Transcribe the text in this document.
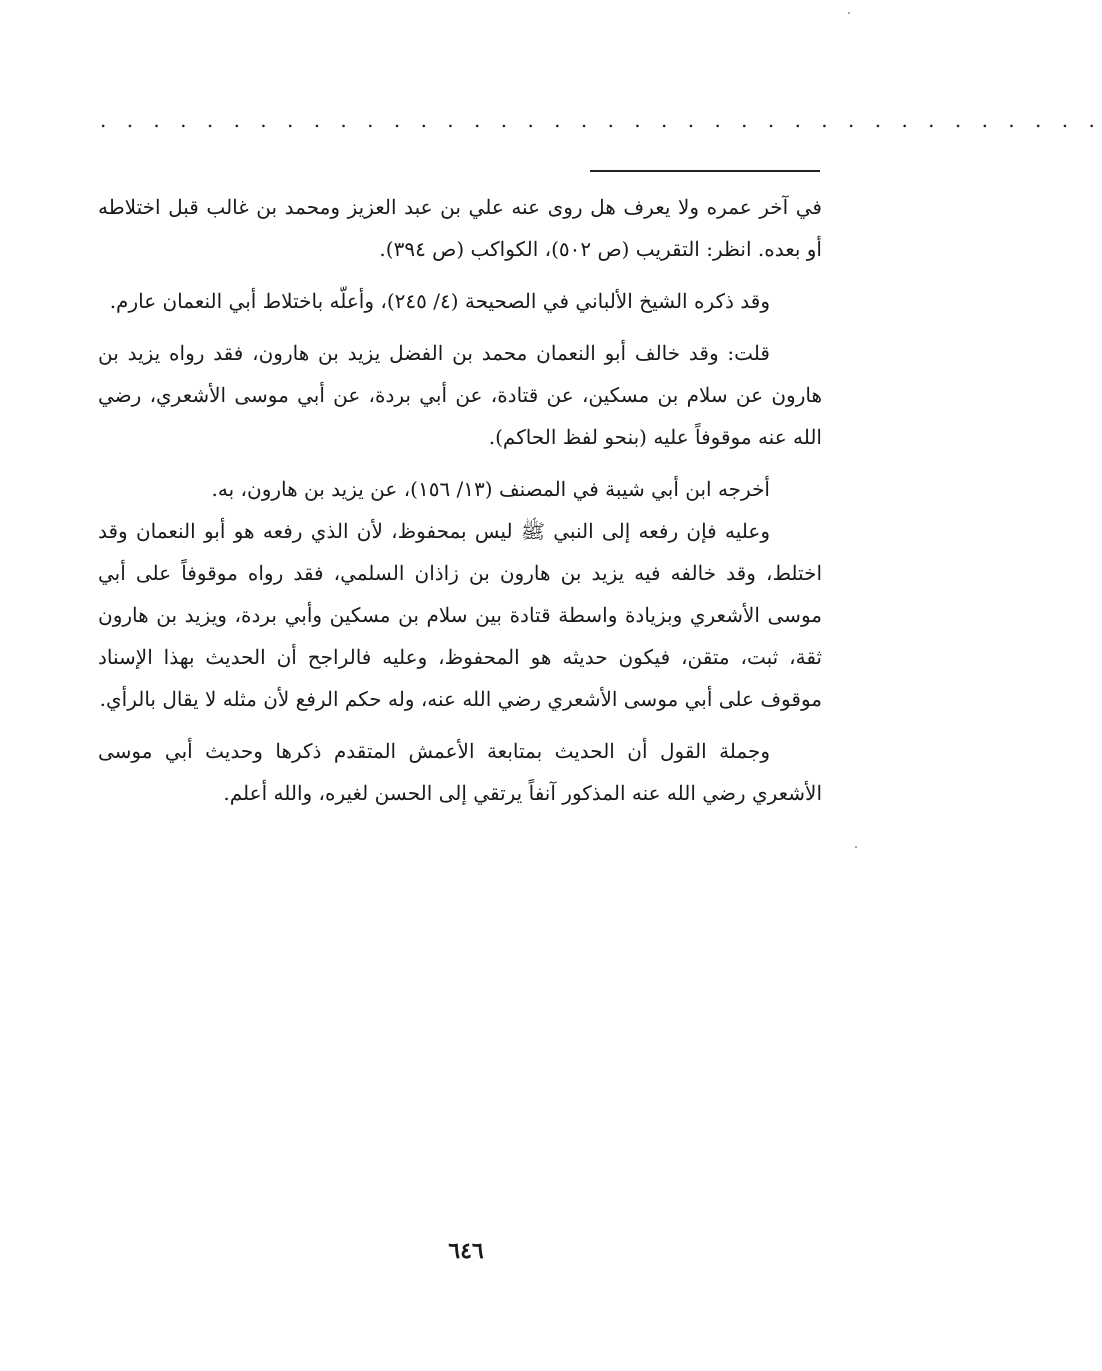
. . . . . . . . . . . . . . . . . . . . . . . . . . . . . . . . . . . . . .

في آخر عمره ولا يعرف هل روى عنه علي بن عبد العزيز ومحمد بن غالب قبل اختلاطه أو بعده. انظر: التقريب (ص ٥٠٢)، الكواكب (ص ٣٩٤).

وقد ذكره الشيخ الألباني في الصحيحة (٤/ ٢٤٥)، وأعلّه باختلاط أبي النعمان عارم.

قلت: وقد خالف أبو النعمان محمد بن الفضل يزيد بن هارون، فقد رواه يزيد بن هارون عن سلام بن مسكين، عن قتادة، عن أبي بردة، عن أبي موسى الأشعري، رضي الله عنه موقوفاً عليه (بنحو لفظ الحاكم).

أخرجه ابن أبي شيبة في المصنف (١٣/ ١٥٦)، عن يزيد بن هارون، به.

وعليه فإن رفعه إلى النبي ﷺ ليس بمحفوظ، لأن الذي رفعه هو أبو النعمان وقد اختلط، وقد خالفه فيه يزيد بن هارون بن زاذان السلمي، فقد رواه موقوفاً على أبي موسى الأشعري وبزيادة واسطة قتادة بين سلام بن مسكين وأبي بردة، ويزيد بن هارون ثقة، ثبت، متقن، فيكون حديثه هو المحفوظ، وعليه فالراجح أن الحديث بهذا الإسناد موقوف على أبي موسى الأشعري رضي الله عنه، وله حكم الرفع لأن مثله لا يقال بالرأي.

وجملة القول أن الحديث بمتابعة الأعمش المتقدم ذكرها وحديث أبي موسى الأشعري رضي الله عنه المذكور آنفاً يرتقي إلى الحسن لغيره، والله أعلم.

٦٤٦
